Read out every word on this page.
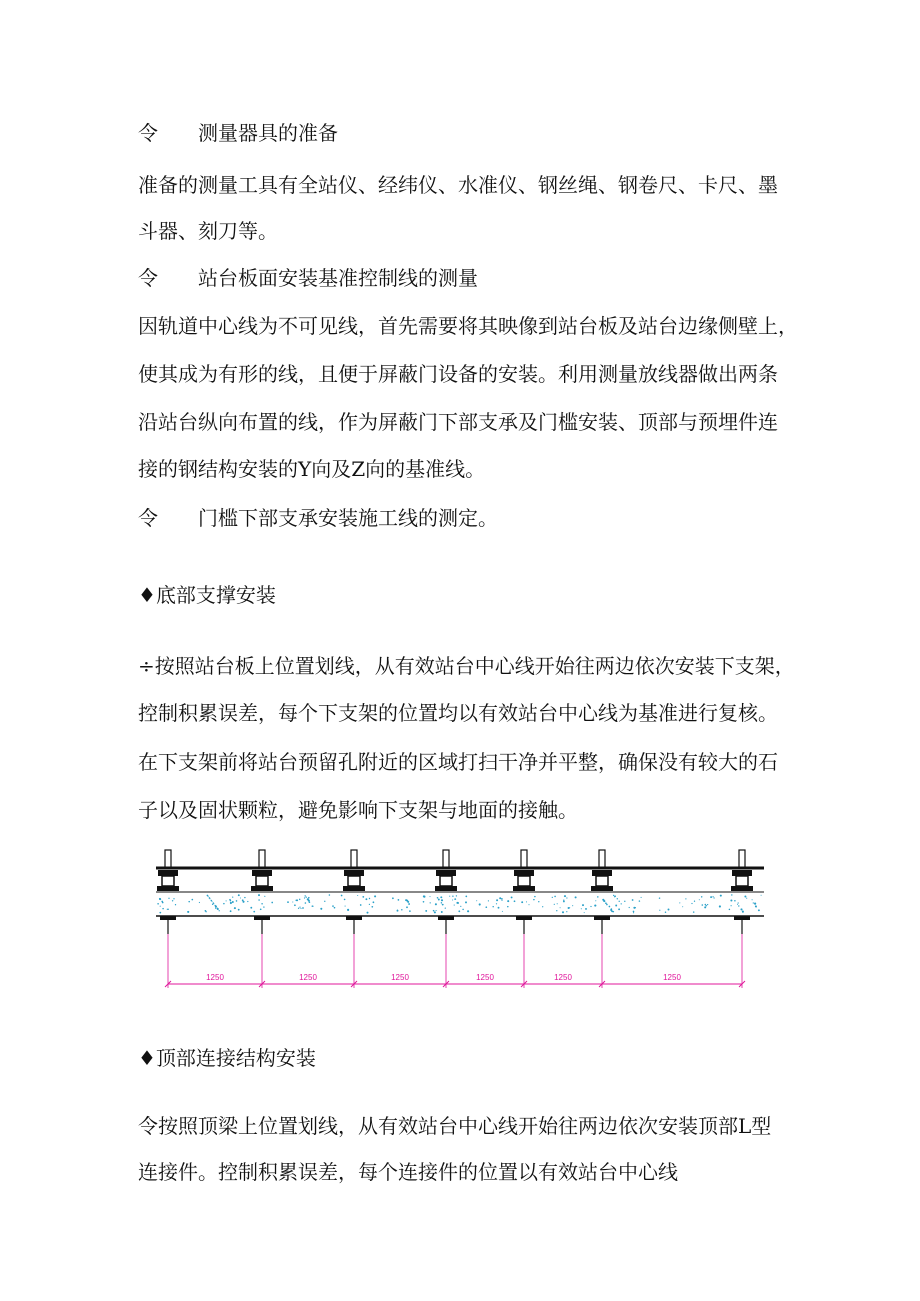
令 测量器具的准备
准备的测量工具有全站仪、经纬仪、水准仪、钢丝绳、钢卷尺、卡尺、墨
斗器、刻刀等。
令 站台板面安装基准控制线的测量
因轨道中心线为不可见线，首先需要将其映像到站台板及站台边缘侧壁上，
使其成为有形的线，且便于屏蔽门设备的安装。利用测量放线器做出两条
沿站台纵向布置的线，作为屏蔽门下部支承及门槛安装、顶部与预埋件连
接的钢结构安装的Y向及Z向的基准线。
令 门槛下部支承安装施工线的测定。
♦底部支撑安装
÷按照站台板上位置划线，从有效站台中心线开始往两边依次安装下支架，
控制积累误差，每个下支架的位置均以有效站台中心线为基准进行复核。
在下支架前将站台预留孔附近的区域打扫干净并平整，确保没有较大的石
子以及固状颗粒，避免影响下支架与地面的接触。
1250	1250	1250	1250	1250	1250
♦顶部连接结构安装
令按照顶梁上位置划线，从有效站台中心线开始往两边依次安装顶部L型
连接件。控制积累误差，每个连接件的位置以有效站台中心线
